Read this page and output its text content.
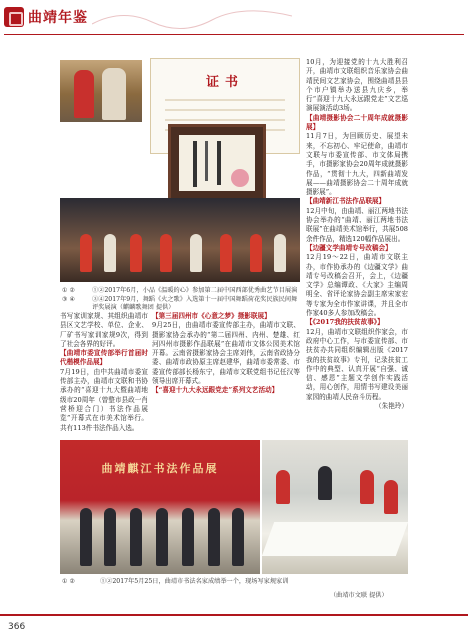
曲靖年鉴
证书
① ②
③ ④
①②2017年6月，小品《温暖的心》参加第二届中国西部优秀曲艺节目展演 ③④2017年9月，舞蹈《火之歌》入选第十一届中国舞蹈荷花奖民族民间舞评奖展演（麒麟歌舞团 提供）

书写家训家规、其组织曲靖市县区文艺学校、单位、企业、厂矿书写家训家规9次，得到了社会各界的好评。

【曲靖市委宣传部举行首届时代楷模作品展】

7月19日，由中共曲靖市委宣传部主办，曲靖市文联和书协承办的“喜迎十九大暨曲靖地级市20周年（曾整市县政一肖营桥迎合门）书法作品展览”开幕式在市美术馆举行。共有113件书法作品入选。

【第三届四州市《心意之梦》摄影联展】

9月25日，由曲靖市委宣传部主办，曲靖市文联、摄影家协会承办的“第二届四州、内州、楚雄、红河四州市摄影作品联展”在曲靖市文体公园美术馆开幕。云南省摄影家协会主席刘伟，云南省政协分委、曲靖市政协原主席赵建华，曲靖市委常委、市委宣传部部长杨东宁，曲靖市文联党组书记任汉等领导出席开幕式。

【“喜迎十九大永远跟党走”系列文艺活动】

10月，为迎接党的十九大胜利召开，曲靖市文联组织音乐家协会曲靖民间文艺家协会，围绕曲靖县县个市户镇举办送县九庆乡，举行“喜迎十九大永远跟党走”文艺巡演展演活动3场。

【曲靖摄影协会二十周年成就摄影展】

11月7日，为回顾历史、展望未来，不忘初心、牢记使命，曲靖市文联与市委宣传部、市文体局携手，市摄影家协会20周年成就摄影作品，“贯彻十九大，四新曲靖发展——曲靖摄影协会二十周年成就摄影展”。

【曲靖新江书法作品联展】

12月中旬，由曲靖、丽江两地书法协会举办的“曲靖、丽江两地书法联展”在曲靖美术馆举行，共展508余件作品，精选120幅作品展出。

【边疆文学曲靖专号改稿会】

12月19～22日，曲靖市文联主办，市作协承办的《边疆文学》曲靖专号改稿会召开，会上，《边疆文学》总编谭政、《大家》主编周明全、省评论家协会副主席宋家宏等专家为全市作家讲课，并且全市作家40多人参加改稿会。

【《2017我的扶贫故事》】

12月，曲靖市文联组织作家会，市政府中心工作，与市委宣传部、市扶贫办共同组织编辑出版《2017我的扶贫故事》专刊，记录扶贫工作中的典型、认真开展“自强、诚信、感恩”主题文学创作实践活动，用心创作，用情书写建设美丽家园的曲靖人民奋斗历程。

（朱艳玲）

曲靖麒江书法作品展
① ②	①②2017年5月25日，曲靖市书法名家成绩举一个，现场写家规家训
（曲靖市文联 提供）
366
